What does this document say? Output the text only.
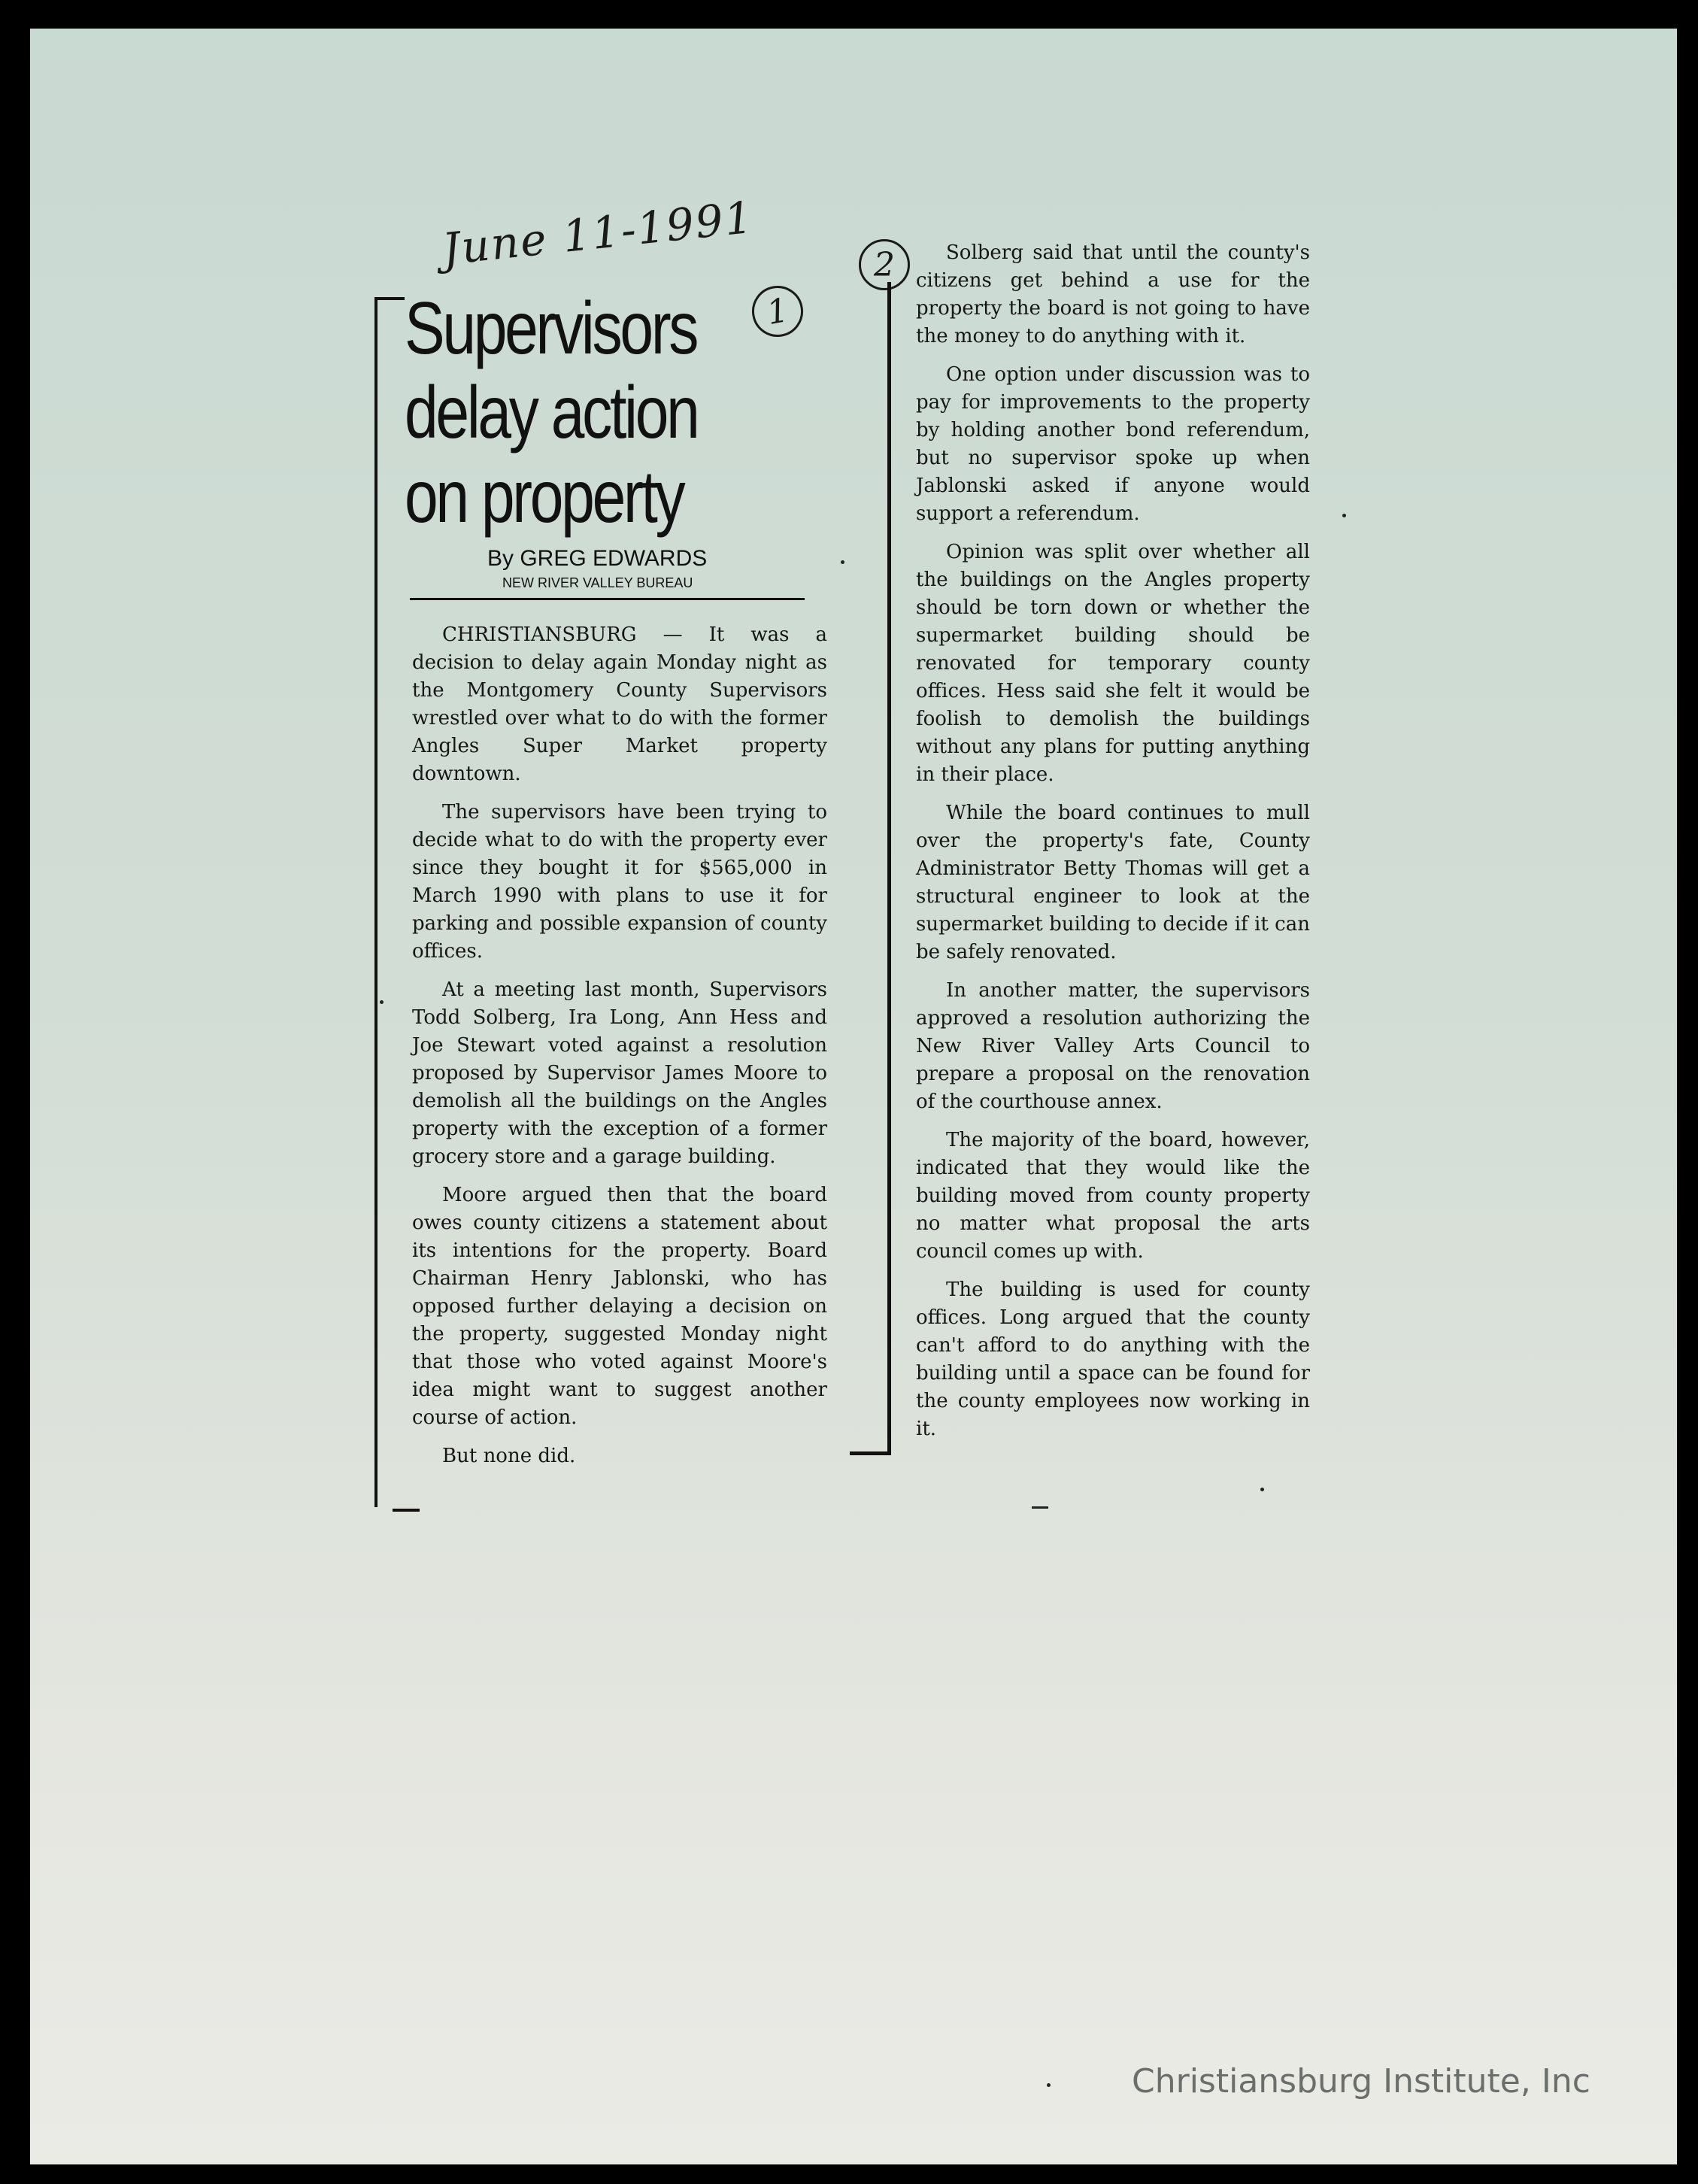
June 11-1991
1
2
Supervisors
delay action
on property

By GREG EDWARDS

NEW RIVER VALLEY BUREAU

CHRISTIANSBURG — It was a decision to delay again Monday night as the Montgomery County Supervisors wrestled over what to do with the former Angles Super Market property downtown.

The supervisors have been trying to decide what to do with the property ever since they bought it for $565,000 in March 1990 with plans to use it for parking and possible expansion of county offices.

At a meeting last month, Supervisors Todd Solberg, Ira Long, Ann Hess and Joe Stewart voted against a resolution proposed by Supervisor James Moore to demolish all the buildings on the Angles property with the exception of a former grocery store and a garage building.

Moore argued then that the board owes county citizens a statement about its intentions for the property. Board Chairman Henry Jablonski, who has opposed further delaying a decision on the property, suggested Monday night that those who voted against Moore's idea might want to suggest another course of action.

But none did.

Solberg said that until the county's citizens get behind a use for the property the board is not going to have the money to do anything with it.

One option under discussion was to pay for improvements to the property by holding another bond referendum, but no supervisor spoke up when Jablonski asked if anyone would support a referendum.

Opinion was split over whether all the buildings on the Angles property should be torn down or whether the supermarket building should be renovated for temporary county offices. Hess said she felt it would be foolish to demolish the buildings without any plans for putting anything in their place.

While the board continues to mull over the property's fate, County Administrator Betty Thomas will get a structural engineer to look at the supermarket building to decide if it can be safely renovated.

In another matter, the supervisors approved a resolution authorizing the New River Valley Arts Council to prepare a proposal on the renovation of the courthouse annex.

The majority of the board, however, indicated that they would like the building moved from county property no matter what proposal the arts council comes up with.

The building is used for county offices. Long argued that the county can't afford to do anything with the building until a space can be found for the county employees now working in it.

Christiansburg Institute, Inc
